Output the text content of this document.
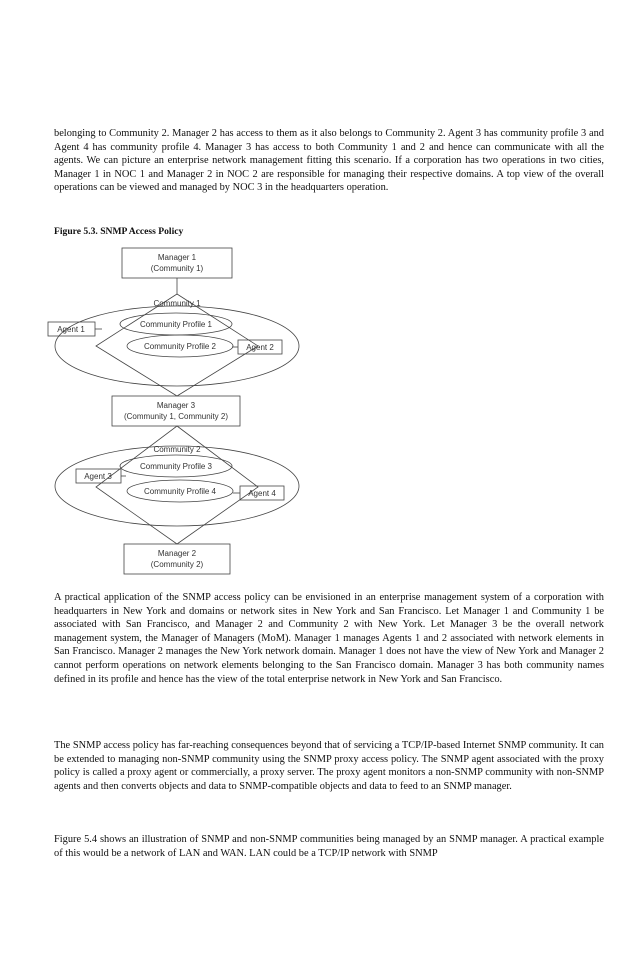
belonging to Community 2. Manager 2 has access to them as it also belongs to Community 2. Agent 3 has community profile 3 and Agent 4 has community profile 4. Manager 3 has access to both Community 1 and 2 and hence can communicate with all the agents. We can picture an enterprise network management fitting this scenario. If a corporation has two operations in two cities, Manager 1 in NOC 1 and Manager 2 in NOC 2 are responsible for managing their respective domains. A top view of the overall operations can be viewed and managed by NOC 3 in the headquarters operation.

Figure 5.3. SNMP Access Policy

Manager 1
(Community 1)
Community 1
Community Profile 1
Community Profile 2
Agent 1
Agent 2
Manager 3
(Community 1, Community 2)
Community 2
Community Profile 3
Community Profile 4
Agent 3
Agent 4
Manager 2
(Community 2)

A practical application of the SNMP access policy can be envisioned in an enterprise management system of a corporation with headquarters in New York and domains or network sites in New York and San Francisco. Let Manager 1 and Community 1 be associated with San Francisco, and Manager 2 and Community 2 with New York. Let Manager 3 be the overall network management system, the Manager of Managers (MoM). Manager 1 manages Agents 1 and 2 associated with network elements in San Francisco. Manager 2 manages the New York network domain. Manager 1 does not have the view of New York and Manager 2 cannot perform operations on network elements belonging to the San Francisco domain. Manager 3 has both community names defined in its profile and hence has the view of the total enterprise network in New York and San Francisco.

The SNMP access policy has far-reaching consequences beyond that of servicing a TCP/IP-based Internet SNMP community. It can be extended to managing non-SNMP community using the SNMP proxy access policy. The SNMP agent associated with the proxy policy is called a proxy agent or commercially, a proxy server. The proxy agent monitors a non-SNMP community with non-SNMP agents and then converts objects and data to SNMP-compatible objects and data to feed to an SNMP manager.

Figure 5.4 shows an illustration of SNMP and non-SNMP communities being managed by an SNMP manager. A practical example of this would be a network of LAN and WAN. LAN could be a TCP/IP network with SNMP
